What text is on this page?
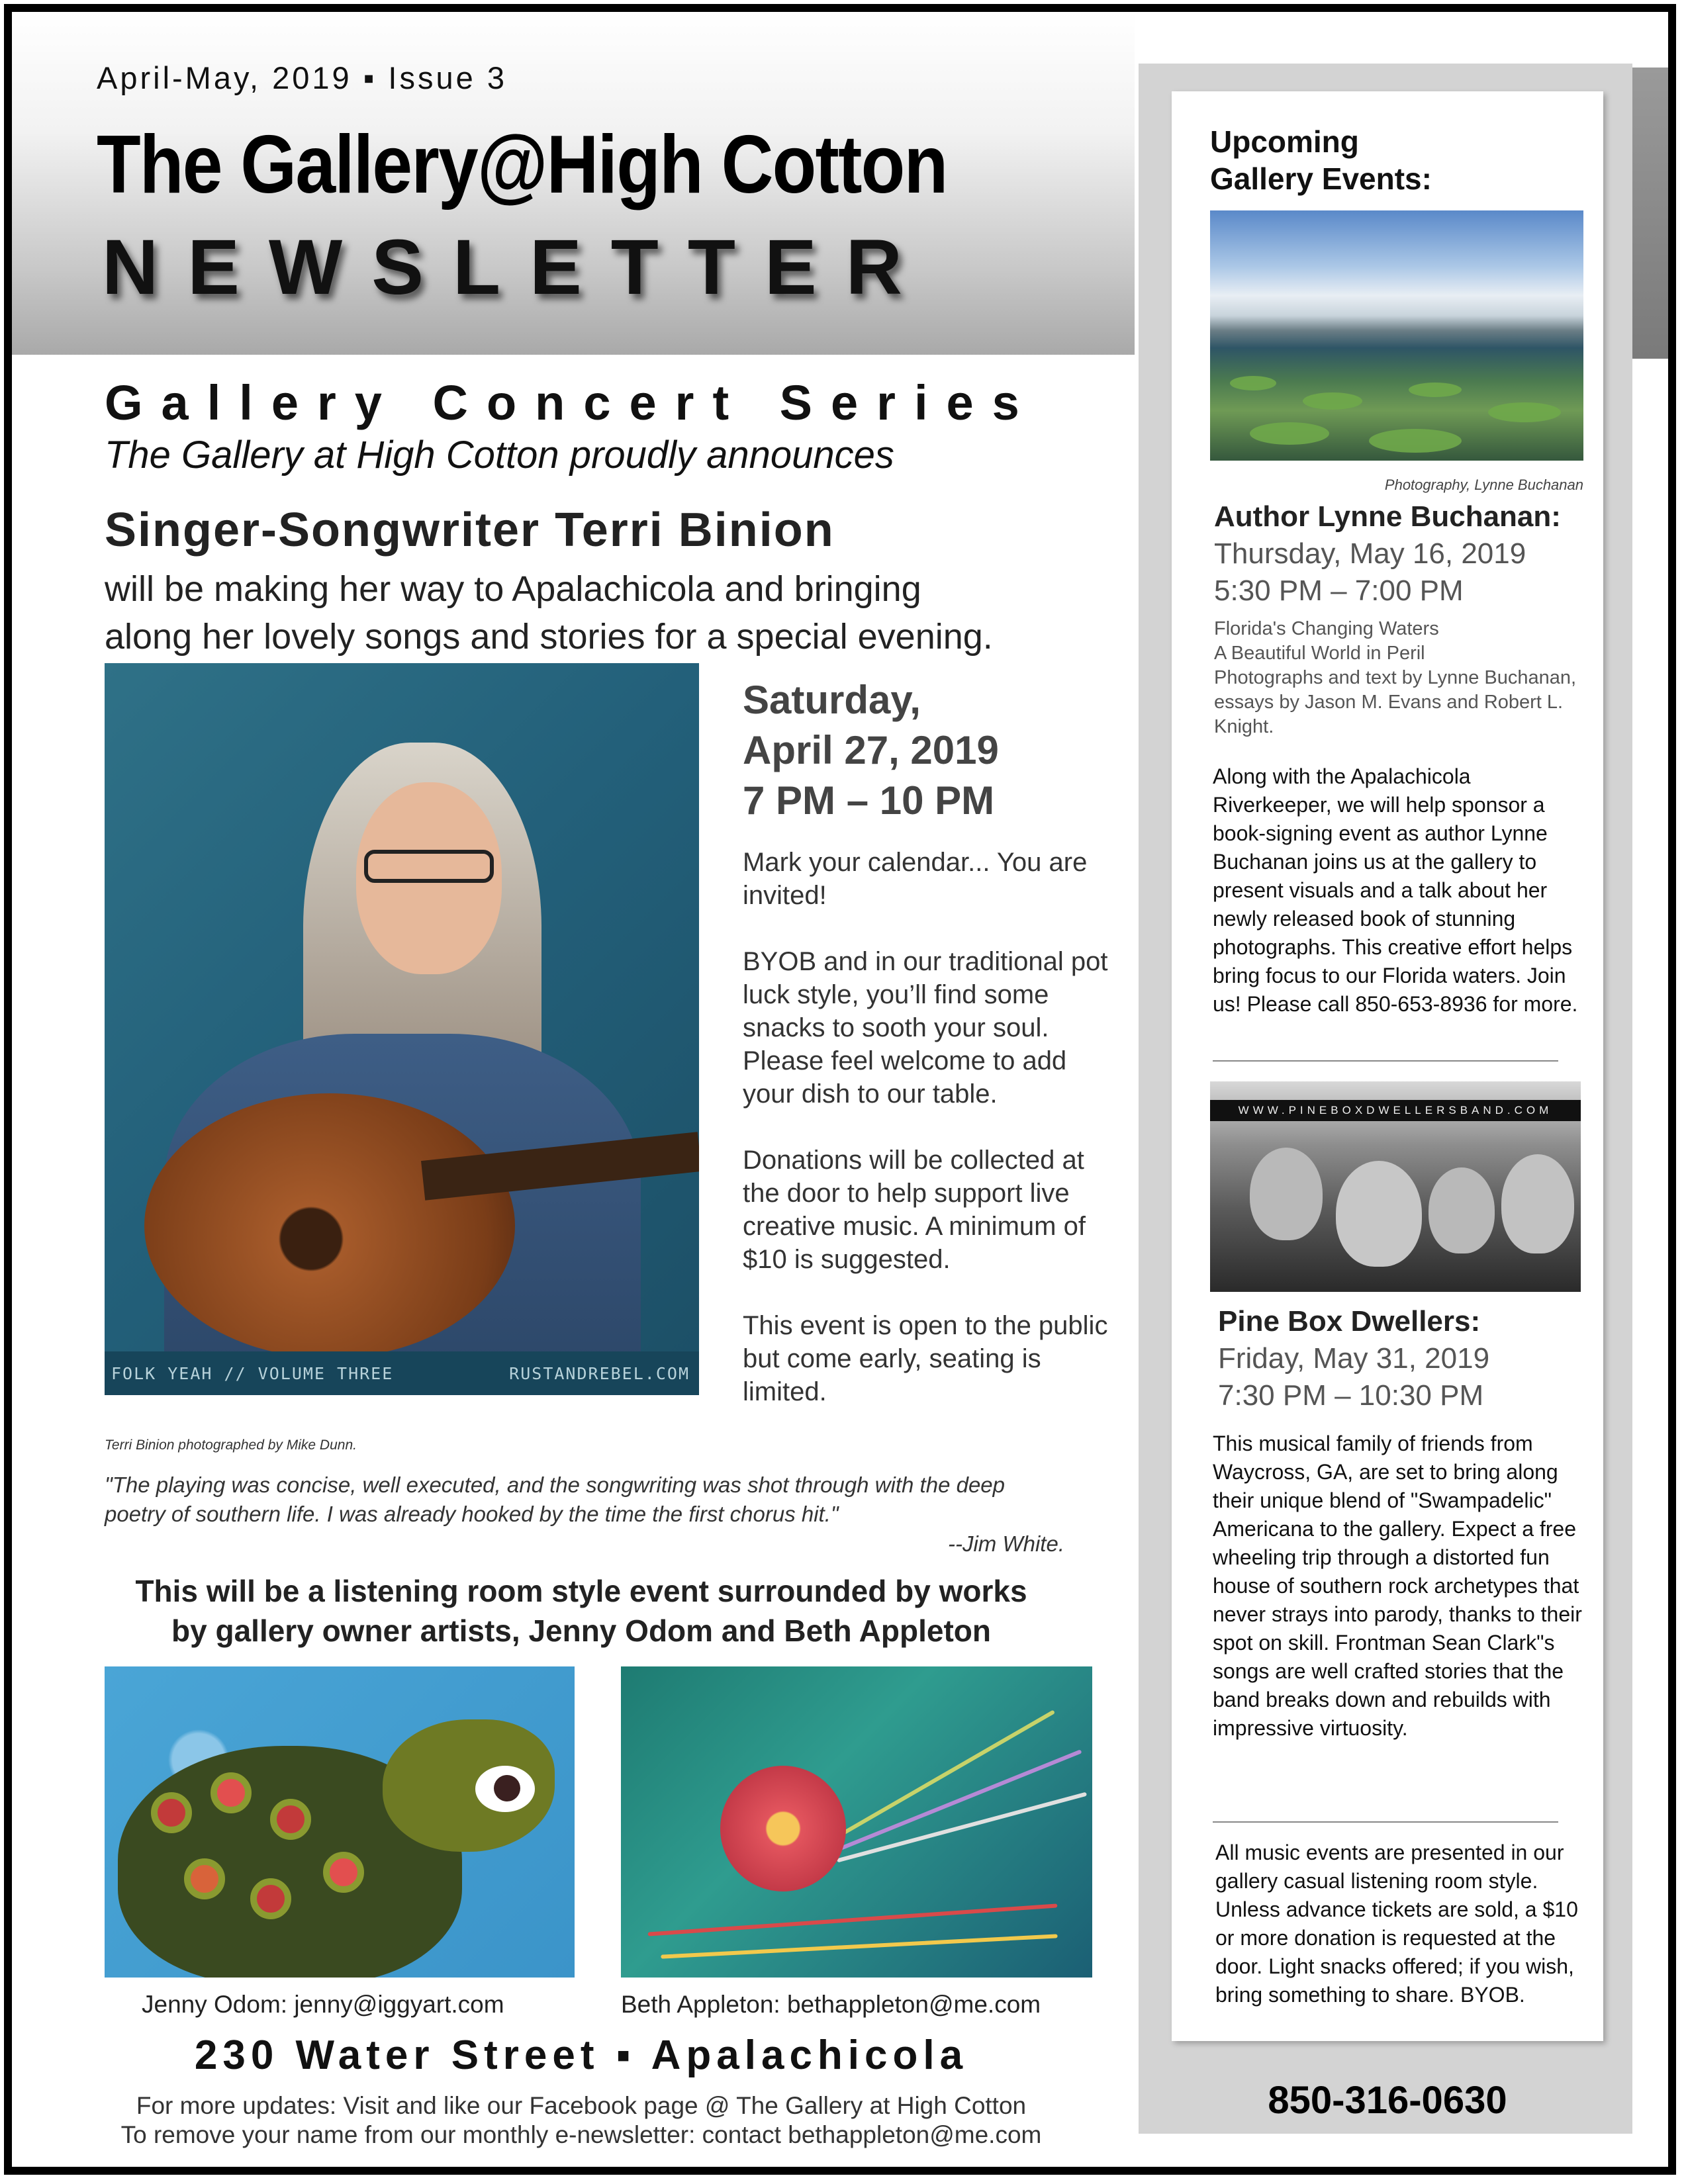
April-May, 2019 ▪ Issue 3
The Gallery@High Cotton
NEWSLETTER
Upcoming
Gallery Events:
Photography, Lynne Buchanan
Author Lynne Buchanan:
Thursday, May 16, 2019
5:30 PM – 7:00 PM
Florida's Changing Waters
A Beautiful World in Peril
Photographs and text by Lynne Buchanan, essays by Jason M. Evans and Robert L. Knight.
Along with the Apalachicola Riverkeeper, we will help sponsor a book-signing event as author Lynne Buchanan joins us at the gallery to present visuals and a talk about her newly released book of stunning photographs. This creative effort helps bring focus to our Florida waters. Join us! Please call 850-653-8936 for more.
WWW.PINEBOXDWELLERSBAND.COM
Pine Box Dwellers:
Friday, May 31, 2019
7:30 PM – 10:30 PM
This musical family of friends from Waycross, GA, are set to bring along their unique blend of "Swampadelic" Americana to the gallery. Expect a free wheeling trip through a distorted fun house of southern rock archetypes that never strays into parody, thanks to their spot on skill. Frontman Sean Clark"s songs are well crafted stories that the band breaks down and rebuilds with impressive virtuosity.
All music events are presented in our gallery casual listening room style. Unless advance tickets are sold, a $10 or more donation is requested at the door. Light snacks offered; if you wish, bring something to share. BYOB.
850-316-0630
Gallery Concert Series
The Gallery at High Cotton proudly announces
Singer-Songwriter Terri Binion
will be making her way to Apalachicola and bringing
along her lovely songs and stories for a special evening.
FOLK YEAH // VOLUME THREE	RUSTANDREBEL.COM
Terri Binion photographed by Mike Dunn.
Saturday,
April 27, 2019
7 PM – 10 PM

Mark your calendar... You are invited!

BYOB and in our traditional pot luck style, you’ll find some snacks to sooth your soul. Please feel welcome to add your dish to our table.

Donations will be collected at the door to help support live creative music. A minimum of $10 is suggested.

This event is open to the public but come early, seating is limited.

"The playing was concise, well executed, and the songwriting was shot through with the deep poetry of southern life. I was already hooked by the time the first chorus hit."
--Jim White.
This will be a listening room style event surrounded by works
by gallery owner artists, Jenny Odom and Beth Appleton
Jenny Odom: jenny@iggyart.com	Beth Appleton: bethappleton@me.com
230 Water Street ▪ Apalachicola
For more updates: Visit and like our Facebook page @ The Gallery at High Cotton
To remove your name from our monthly e-newsletter: contact bethappleton@me.com
